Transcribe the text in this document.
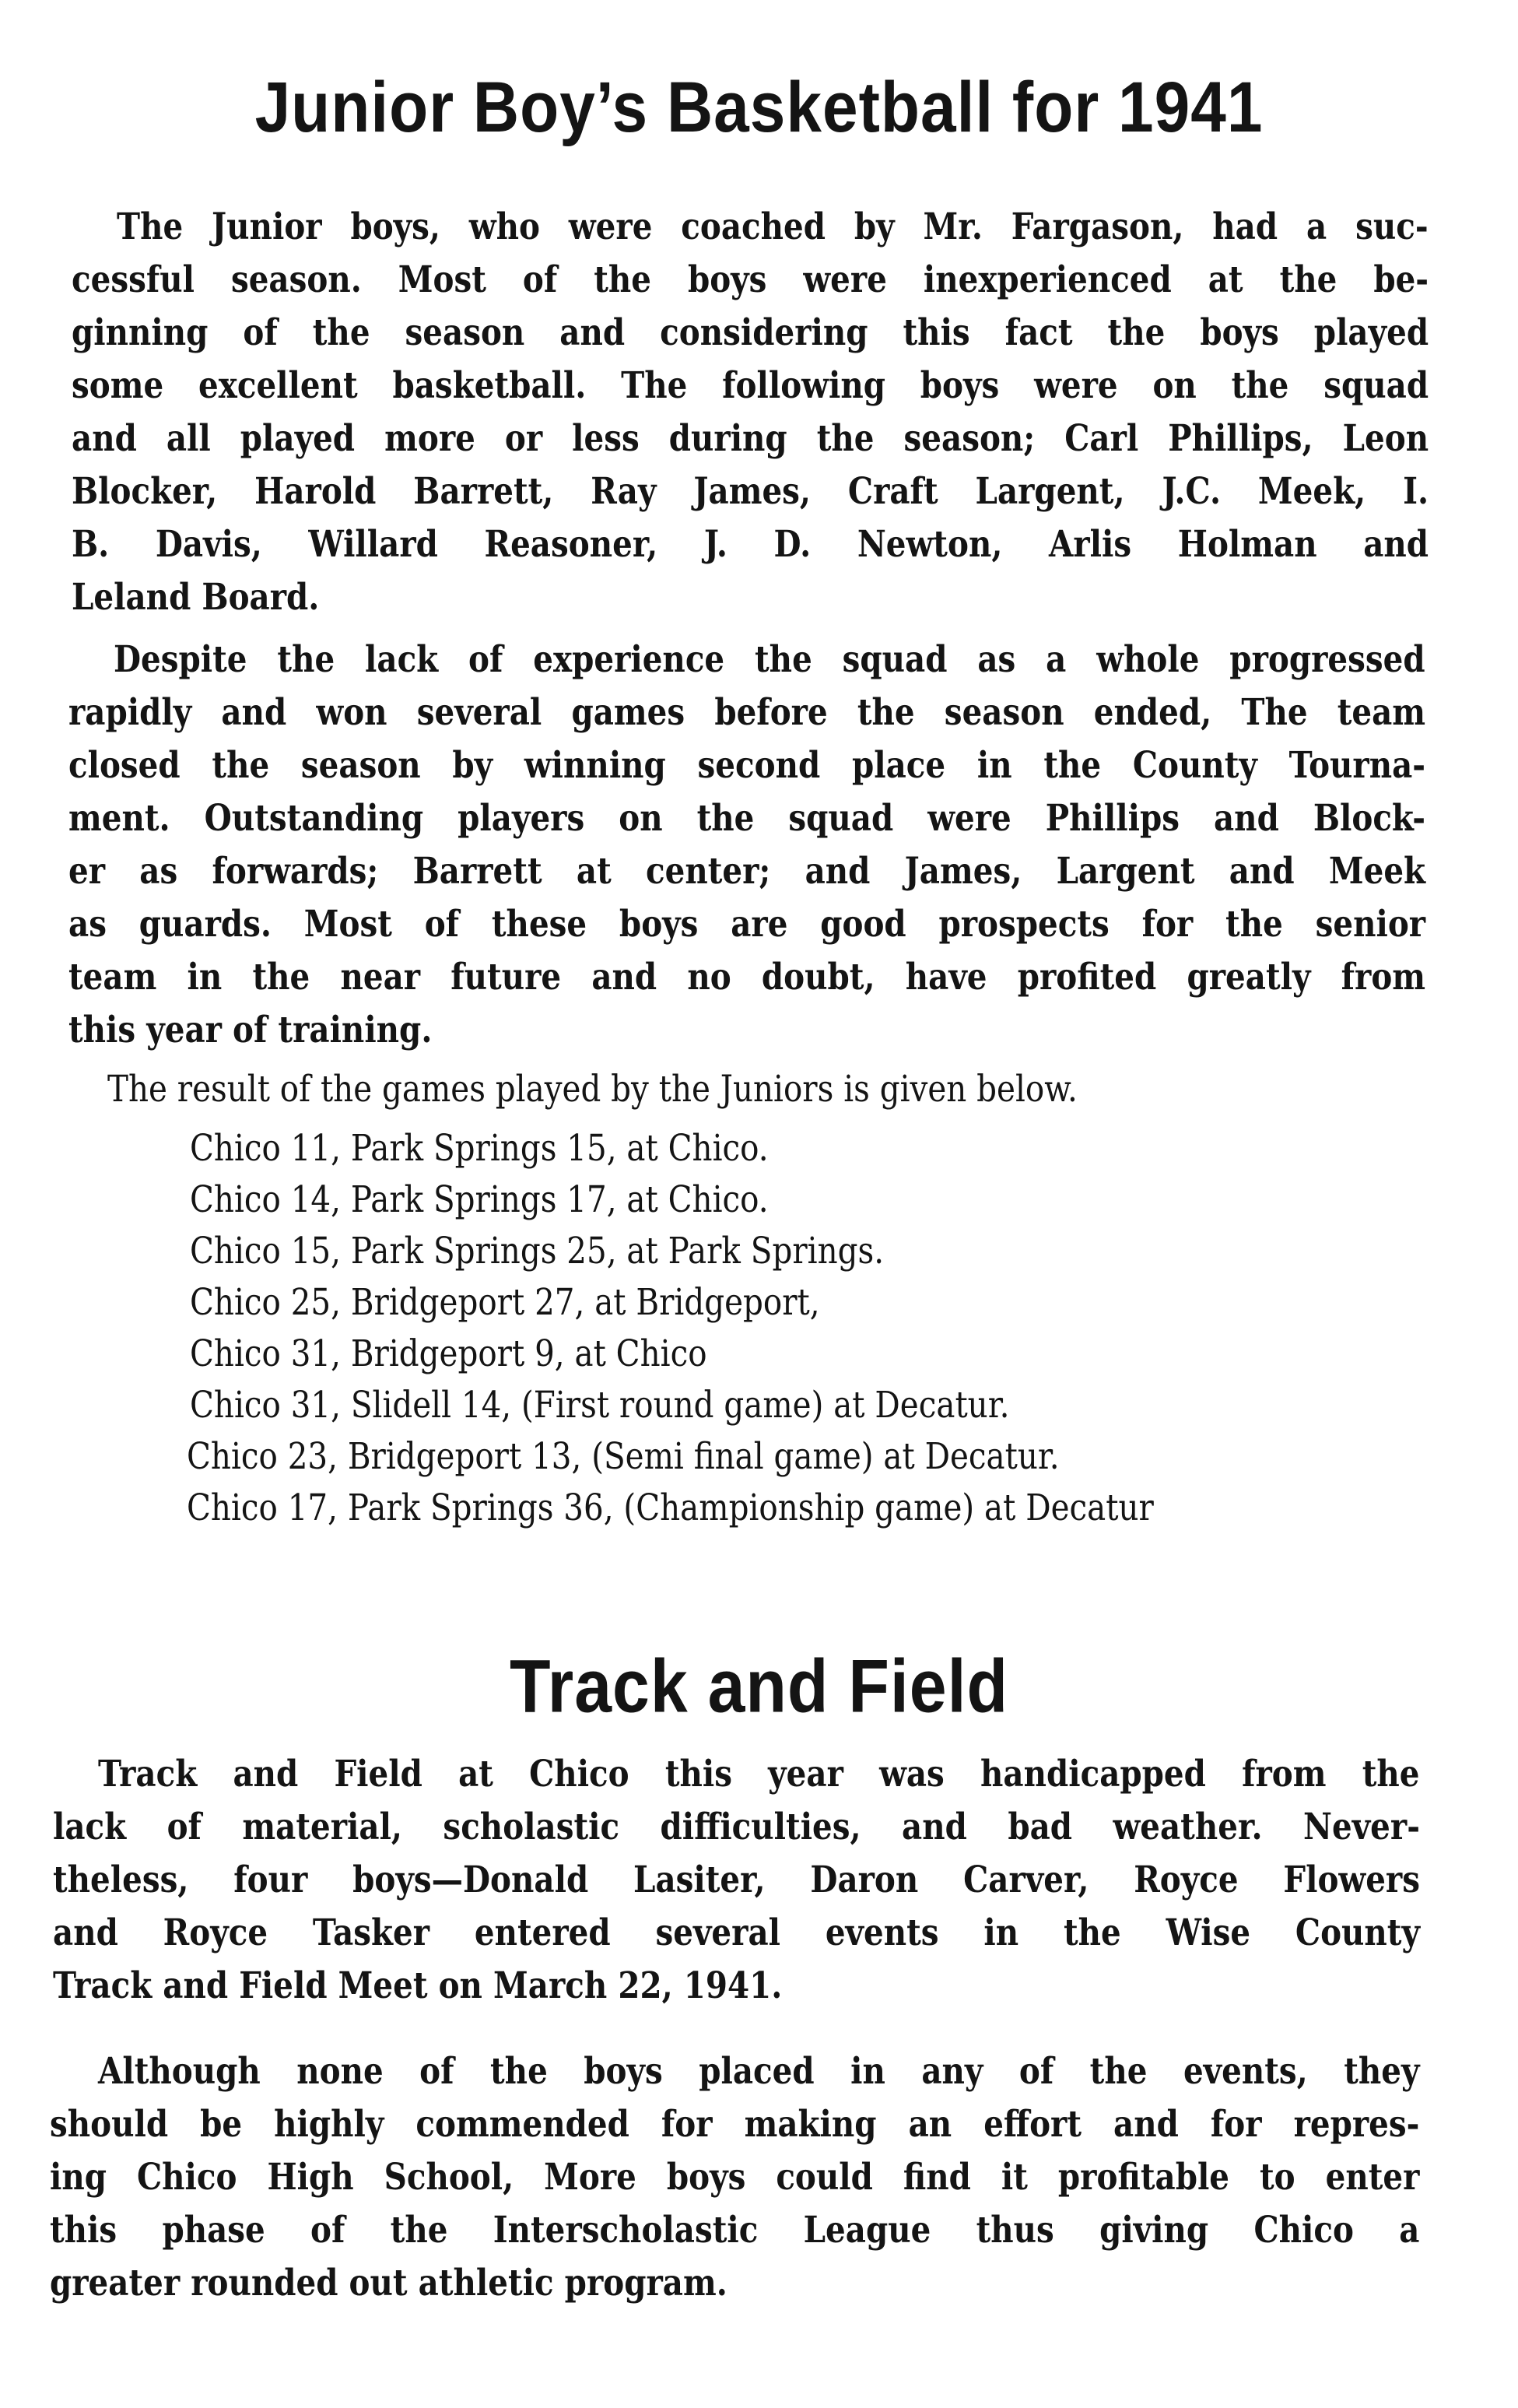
Junior Boy’s Basketball for 1941
The Junior boys, who were coached by Mr. Fargason, had a suc-
cessful season. Most of the boys were inexperienced at the be-
ginning of the season and considering this fact the boys played
some excellent basketball. The following boys were on the squad
and all played more or less during the season; Carl Phillips, Leon
Blocker, Harold Barrett, Ray James, Craft Largent, J.C. Meek, I.
B. Davis, Willard Reasoner, J. D. Newton, Arlis Holman and
Leland Board.
Despite the lack of experience the squad as a whole progressed
rapidly and won several games before the season ended, The team
closed the season by winning second place in the County Tourna-
ment. Outstanding players on the squad were Phillips and Block-
er as forwards; Barrett at center; and James, Largent and Meek
as guards. Most of these boys are good prospects for the senior
team in the near future and no doubt, have profited greatly from
this year of training.
The result of the games played by the Juniors is given below.
Chico 11, Park Springs 15, at Chico.
Chico 14, Park Springs 17, at Chico.
Chico 15, Park Springs 25, at Park Springs.
Chico 25, Bridgeport 27, at Bridgeport,
Chico 31, Bridgeport 9, at Chico
Chico 31, Slidell 14, (First round game) at Decatur.
Chico 23, Bridgeport 13, (Semi final game) at Decatur.
Chico 17, Park Springs 36, (Championship game) at Decatur
Track and Field
Track and Field at Chico this year was handicapped from the
lack of material, scholastic difficulties, and bad weather. Never-
theless, four boys—Donald Lasiter, Daron Carver, Royce Flowers
and Royce Tasker entered several events in the Wise County
Track and Field Meet on March 22, 1941.
Although none of the boys placed in any of the events, they
should be highly commended for making an effort and for repres-
ing Chico High School, More boys could find it profitable to enter
this phase of the Interscholastic League thus giving Chico a
greater rounded out athletic program.
